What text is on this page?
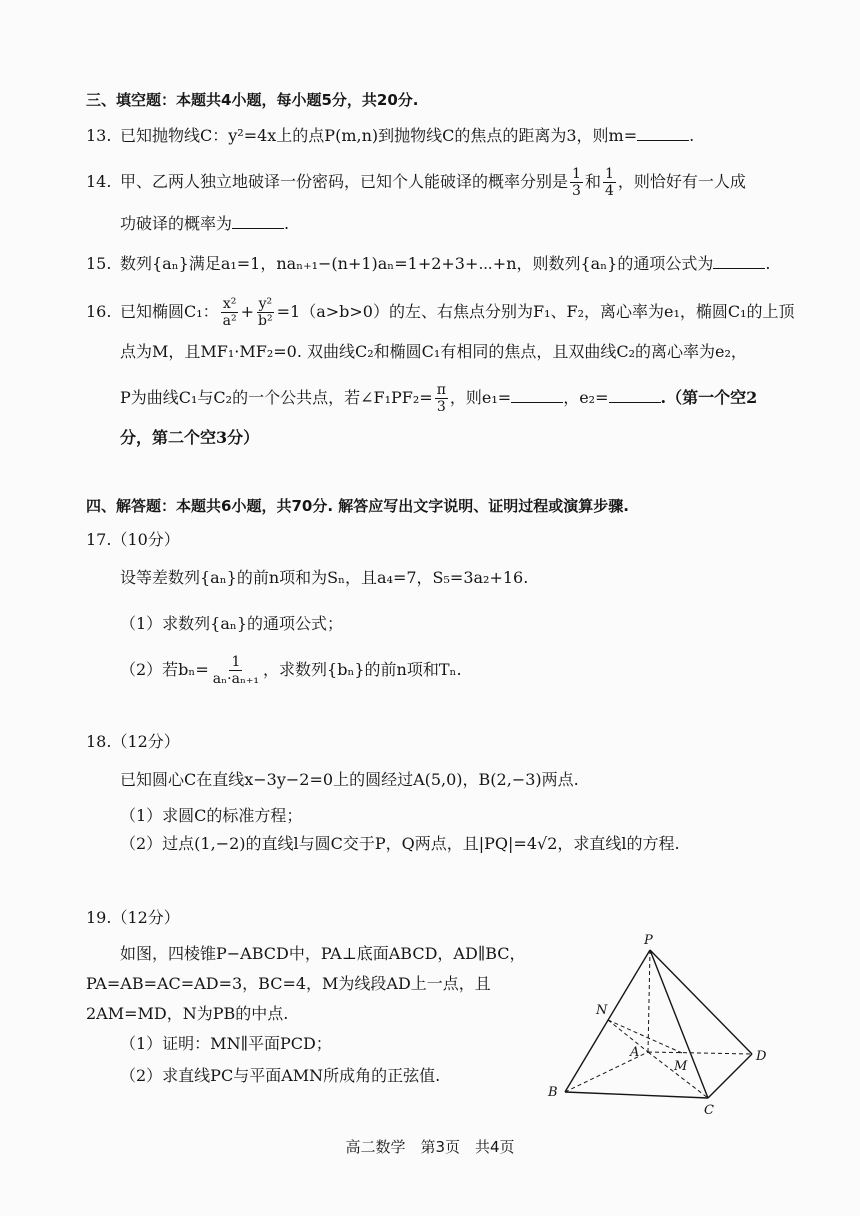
三、填空题：本题共4小题，每小题5分，共20分.
13. 已知抛物线C：y²=4x上的点P(m,n)到抛物线C的焦点的距离为3，则m=	.
14. 甲、乙两人独立地破译一份密码，已知个人能破译的概率分别是 $\frac{1}{3}$ 和 $\frac{1}{4}$ ，则恰好有一人成
功破译的概率为	.
15. 数列{aₙ}满足a₁=1，naₙ₊₁−(n+1)aₙ=1+2+3+⋯+n，则数列{aₙ}的通项公式为	.
16. 已知椭圆C₁： $\frac{\text{x²}}{\text{a²}} + \frac{\text{y²}}{\text{b²}} =1(a>b>0)$的左、右焦点分别为F₁、F₂，离心率为e₁，椭圆C₁的上顶
点为M，且MF₁·MF₂=0. 双曲线C₂和椭圆C₁有相同的焦点，且双曲线C₂的离心率为e₂，
P为曲线C₁与C₂的一个公共点，若∠F₁PF₂= $\frac{\pi}{3}$ ，则e₁=	，e₂=	.（第一个空2
分，第二个空3分）
四、解答题：本题共6小题，共70分. 解答应写出文字说明、证明过程或演算步骤.
17.（10分）
设等差数列{aₙ}的前n项和为Sₙ，且a₄=7，S₅=3a₂+16.
（1）求数列{aₙ}的通项公式；
（2）若$b_n= \frac{1}{\text{aₙ·aₙ₊₁}}$ ，求数列{bₙ}的前n项和Tₙ.
18.（12分）
已知圆心C在直线x−3y−2=0上的圆经过A(5,0)，B(2,−3)两点.
（1）求圆C的标准方程；
（2）过点(1,−2)的直线l与圆C交于P，Q两点，且|PQ|=4√2，求直线l的方程.
19.（12分）
如图，四棱锥P−ABCD中，PA⊥底面ABCD，AD∥BC，
PA=AB=AC=AD=3，BC=4，M为线段AD上一点，且
2AM=MD，N为PB的中点.
（1）证明：MN∥平面PCD；
（2）求直线PC与平面AMN所成角的正弦值.
P
N
A
M
D
B
C
高二数学　第3页　共4页
